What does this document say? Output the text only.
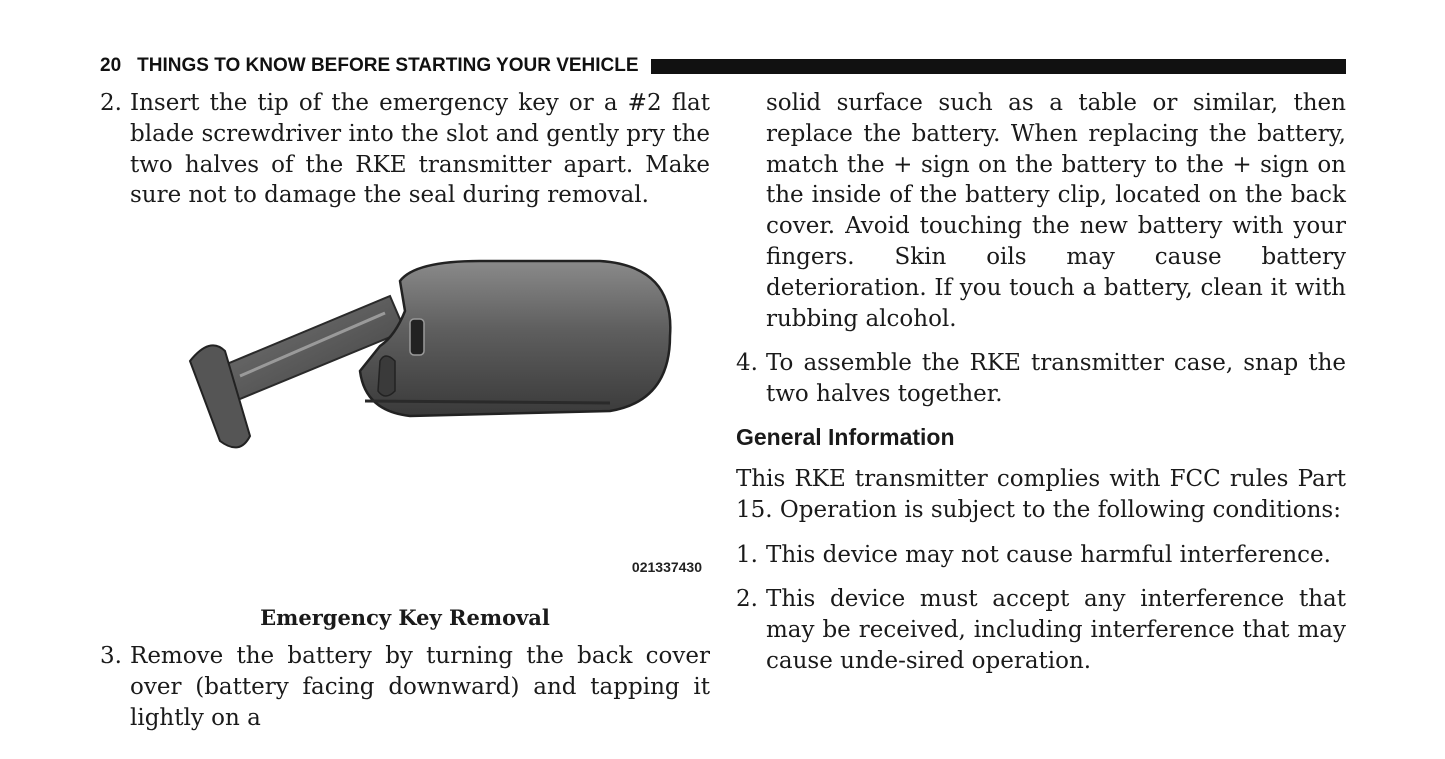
20 THINGS TO KNOW BEFORE STARTING YOUR VEHICLE
2. Insert the tip of the emergency key or a #2 flat blade screwdriver into the slot and gently pry the two halves of the RKE transmitter apart. Make sure not to damage the seal during removal.
021337430
Emergency Key Removal
3. Remove the battery by turning the back cover over (battery facing downward) and tapping it lightly on a
solid surface such as a table or similar, then replace the battery. When replacing the battery, match the + sign on the battery to the + sign on the inside of the battery clip, located on the back cover. Avoid touching the new battery with your fingers. Skin oils may cause battery deterioration. If you touch a battery, clean it with rubbing alcohol.
4. To assemble the RKE transmitter case, snap the two halves together.
General Information

This RKE transmitter complies with FCC rules Part 15. Operation is subject to the following conditions:

1. This device may not cause harmful interference.
2. This device must accept any interference that may be received, including interference that may cause unde-sired operation.
